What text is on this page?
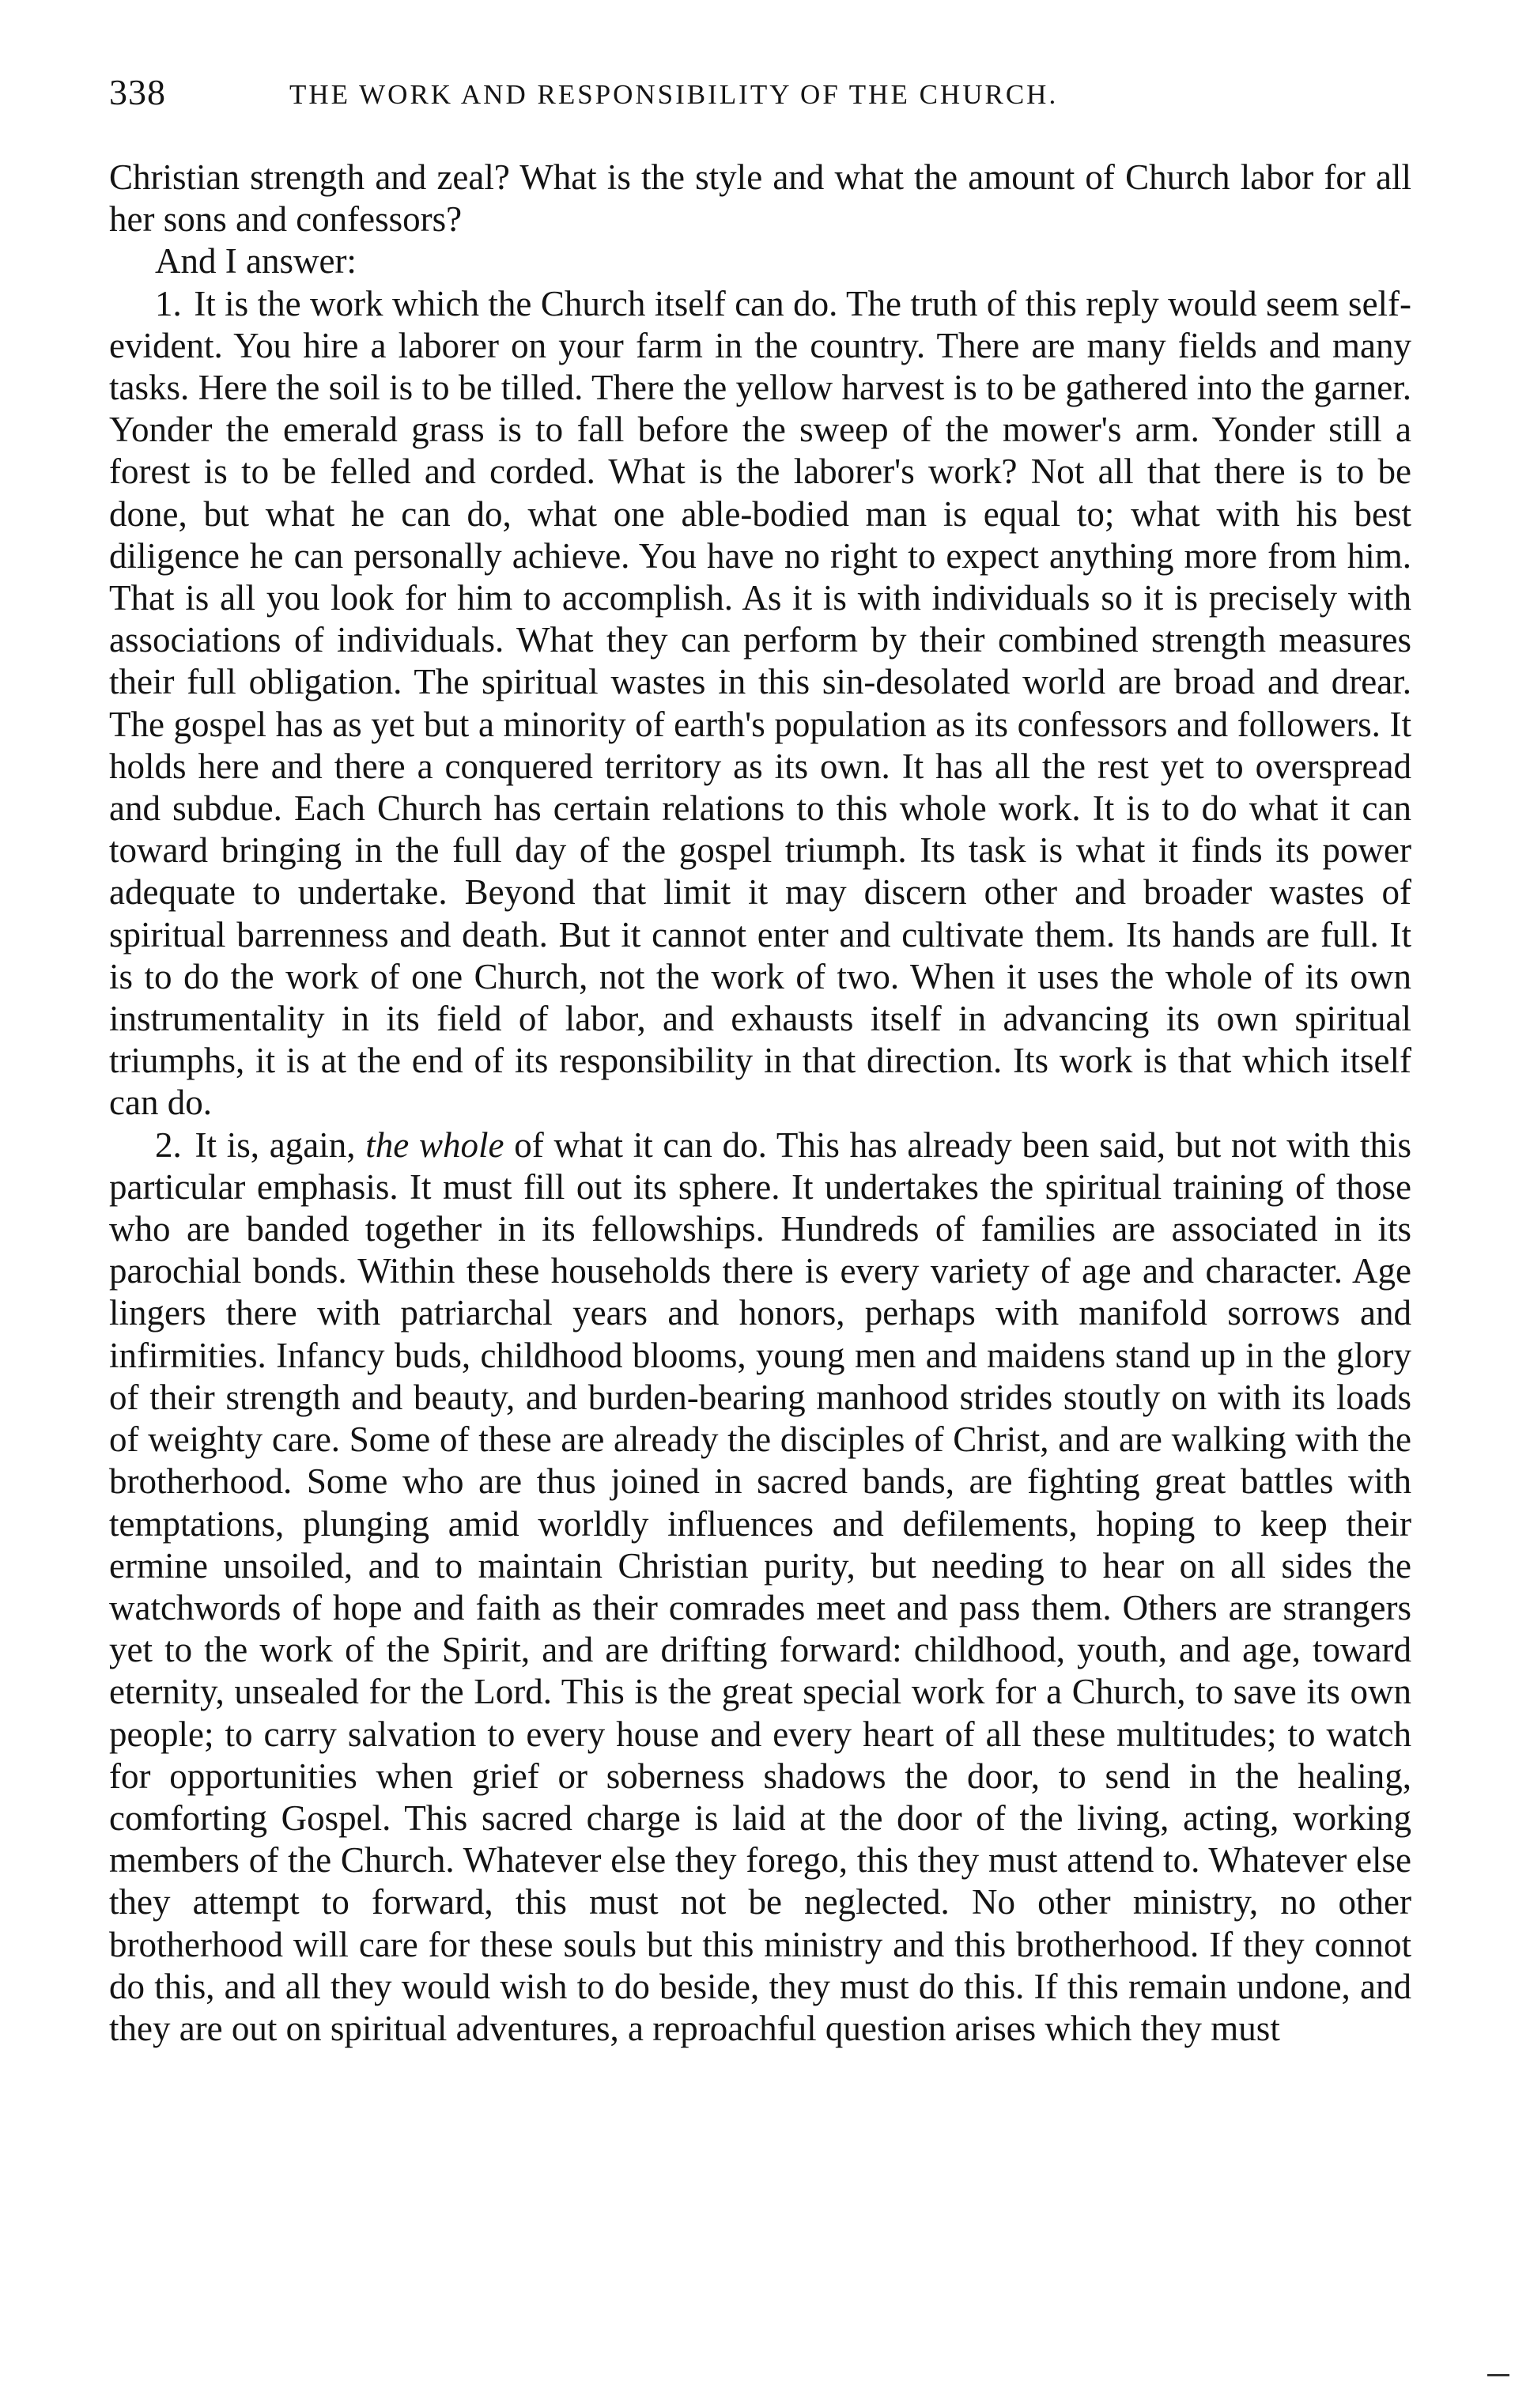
338	THE WORK AND RESPONSIBILITY OF THE CHURCH.

Christian strength and zeal? What is the style and what the amount of Church labor for all her sons and confessors?

And I answer:

1. It is the work which the Church itself can do. The truth of this reply would seem self-evident. You hire a laborer on your farm in the country. There are many fields and many tasks. Here the soil is to be tilled. There the yellow harvest is to be gathered into the garner. Yonder the emerald grass is to fall before the sweep of the mower's arm. Yonder still a forest is to be felled and corded. What is the laborer's work? Not all that there is to be done, but what he can do, what one able-bodied man is equal to; what with his best diligence he can personally achieve. You have no right to expect anything more from him. That is all you look for him to accomplish. As it is with individuals so it is precisely with associations of individuals. What they can perform by their combined strength measures their full obligation. The spiritual wastes in this sin-desolated world are broad and drear. The gospel has as yet but a minority of earth's population as its confessors and followers. It holds here and there a conquered territory as its own. It has all the rest yet to overspread and subdue. Each Church has certain relations to this whole work. It is to do what it can toward bringing in the full day of the gospel triumph. Its task is what it finds its power adequate to undertake. Beyond that limit it may discern other and broader wastes of spiritual barrenness and death. But it cannot enter and cultivate them. Its hands are full. It is to do the work of one Church, not the work of two. When it uses the whole of its own instrumentality in its field of labor, and exhausts itself in advancing its own spiritual triumphs, it is at the end of its responsibility in that direction. Its work is that which itself can do.

2. It is, again, the whole of what it can do. This has already been said, but not with this particular emphasis. It must fill out its sphere. It undertakes the spiritual training of those who are banded together in its fellowships. Hundreds of families are associated in its parochial bonds. Within these households there is every variety of age and character. Age lingers there with patriarchal years and honors, perhaps with manifold sorrows and infirmities. Infancy buds, childhood blooms, young men and maidens stand up in the glory of their strength and beauty, and burden-bearing manhood strides stoutly on with its loads of weighty care. Some of these are already the disciples of Christ, and are walking with the brotherhood. Some who are thus joined in sacred bands, are fighting great battles with temptations, plunging amid worldly influences and defilements, hoping to keep their ermine unsoiled, and to maintain Christian purity, but needing to hear on all sides the watchwords of hope and faith as their comrades meet and pass them. Others are strangers yet to the work of the Spirit, and are drifting forward: childhood, youth, and age, toward eternity, unsealed for the Lord. This is the great special work for a Church, to save its own people; to carry salvation to every house and every heart of all these multitudes; to watch for opportunities when grief or soberness shadows the door, to send in the healing, comforting Gospel. This sacred charge is laid at the door of the living, acting, working members of the Church. Whatever else they forego, this they must attend to. Whatever else they attempt to forward, this must not be neglected. No other ministry, no other brotherhood will care for these souls but this ministry and this brotherhood. If they connot do this, and all they would wish to do beside, they must do this. If this remain undone, and they are out on spiritual adventures, a reproachful question arises which they must
